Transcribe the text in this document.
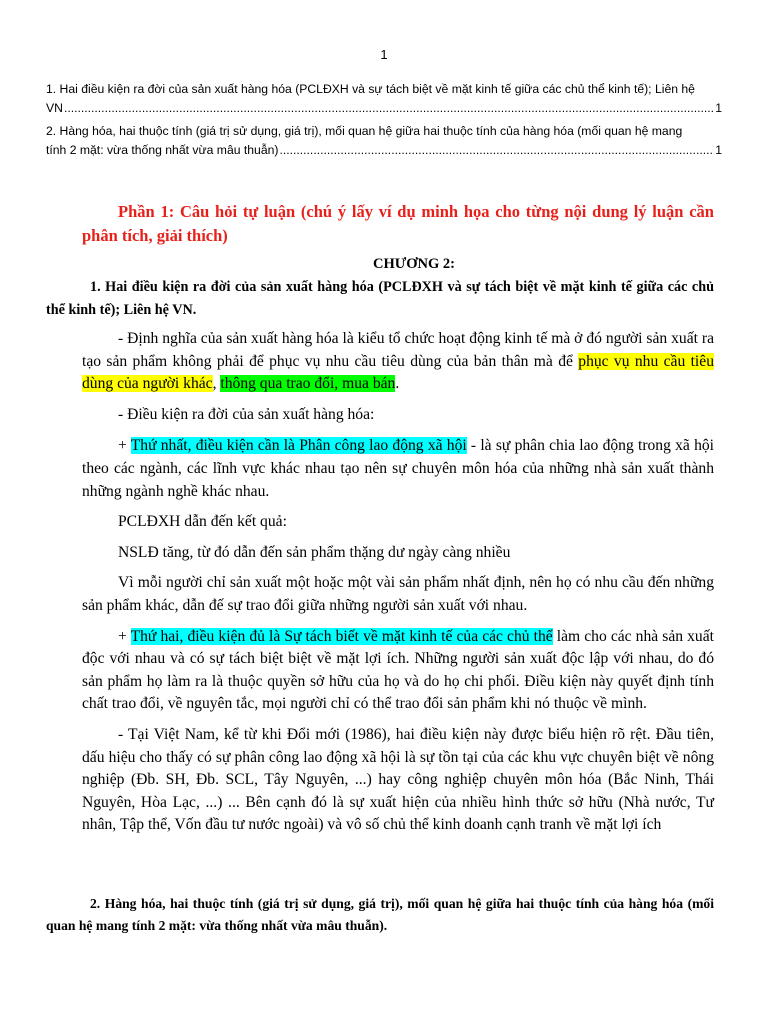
1
1. Hai điều kiện ra đời của sản xuất hàng hóa (PCLĐXH và sự tách biệt về mặt kinh tế giữa các chủ thể kinh tế); Liên hệ
VN .....	1
2. Hàng hóa, hai thuộc tính (giá trị sử dụng, giá trị), mối quan hệ giữa hai thuộc tính của hàng hóa (mối quan hệ mang
tính 2 mặt: vừa thống nhất vừa mâu thuẫn) .....	1
Phần 1: Câu hỏi tự luận (chú ý lấy ví dụ minh họa cho từng nội dung lý luận cần phân tích, giải thích)
CHƯƠNG 2:
1. Hai điều kiện ra đời của sản xuất hàng hóa (PCLĐXH và sự tách biệt về mặt kinh tế giữa các chủ thể kinh tế); Liên hệ VN.

- Định nghĩa của sản xuất hàng hóa là kiểu tổ chức hoạt động kinh tế mà ở đó người sản xuất ra tạo sản phẩm không phải để phục vụ nhu cầu tiêu dùng của bản thân mà để phục vụ nhu cầu tiêu dùng của người khác, thông qua trao đổi, mua bán.

- Điều kiện ra đời của sản xuất hàng hóa:

+ Thứ nhất, điều kiện cần là Phân công lao động xã hội - là sự phân chia lao động trong xã hội theo các ngành, các lĩnh vực khác nhau tạo nên sự chuyên môn hóa của những nhà sản xuất thành những ngành nghề khác nhau.

PCLĐXH dẫn đến kết quả:

NSLĐ tăng, từ đó dẫn đến sản phẩm thặng dư ngày càng nhiều

Vì mỗi người chỉ sản xuất một hoặc một vài sản phẩm nhất định, nên họ có nhu cầu đến những sản phẩm khác, dẫn đế sự trao đổi giữa những người sản xuất với nhau.

+ Thứ hai, điều kiện đủ là Sự tách biết về mặt kinh tế của các chủ thể làm cho các nhà sản xuất độc với nhau và có sự tách biệt biệt về mặt lợi ích. Những người sản xuất độc lập với nhau, do đó sản phẩm họ làm ra là thuộc quyền sở hữu của họ và do họ chi phối. Điều kiện này quyết định tính chất trao đổi, về nguyên tắc, mọi người chỉ có thể trao đổi sản phẩm khi nó thuộc về mình.

- Tại Việt Nam, kể từ khi Đổi mới (1986), hai điều kiện này được biểu hiện rõ rệt. Đầu tiên, dấu hiệu cho thấy có sự phân công lao động xã hội là sự tồn tại của các khu vực chuyên biệt về nông nghiệp (Đb. SH, Đb. SCL, Tây Nguyên, ...) hay công nghiệp chuyên môn hóa (Bắc Ninh, Thái Nguyên, Hòa Lạc, ...) ... Bên cạnh đó là sự xuất hiện của nhiều hình thức sở hữu (Nhà nước, Tư nhân, Tập thể, Vốn đầu tư nước ngoài) và vô số chủ thể kinh doanh cạnh tranh về mặt lợi ích

2. Hàng hóa, hai thuộc tính (giá trị sử dụng, giá trị), mối quan hệ giữa hai thuộc tính của hàng hóa (mối quan hệ mang tính 2 mặt: vừa thống nhất vừa mâu thuẫn).
